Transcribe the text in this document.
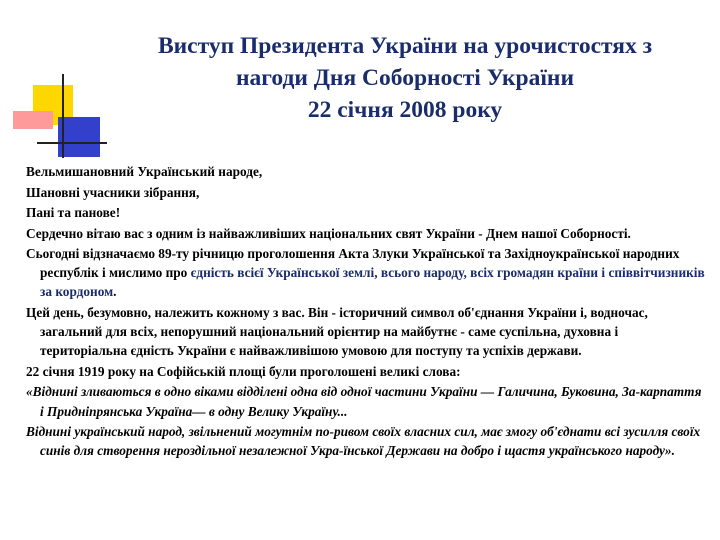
Виступ Президента України на урочистостях з
нагоди Дня Соборності України
22 січня 2008 року
Вельмишановний Український народе,
Шановні учасники зібрання,
Пані та панове!
Сердечно вітаю вас з одним із найважливіших національних свят України - Днем нашої Соборності.
Сьогодні відзначаємо 89-ту річницю проголошення Акта Злуки Української та Західноукраїнської народних республік і мислимо про єдність всієї Української землі, всього народу, всіх громадян країни і співвітчизників за кордоном.
Цей день, безумовно, належить кожному з вас. Він - історичний символ об'єднання України і, водночас, загальний для всіх, непорушний національний орієнтир на майбутнє - саме суспільна, духовна і територіальна єдність України є найважливішою умовою для поступу та успіхів держави.
22 січня 1919 року на Софійській площі були проголошені великі слова:
«Віднині зливаються в одно віками відділені одна від одної частини України — Галичина, Буковина, За-карпаття і Придніпрянська Україна— в одну Велику Україну...
Віднині український народ, звільнений могутнім по-ривом своїх власних сил, має змогу об'єднати всі зусилля своїх синів для створення нероздільної незалежної Укра-їнської Держави на добро і щастя українського народу».
